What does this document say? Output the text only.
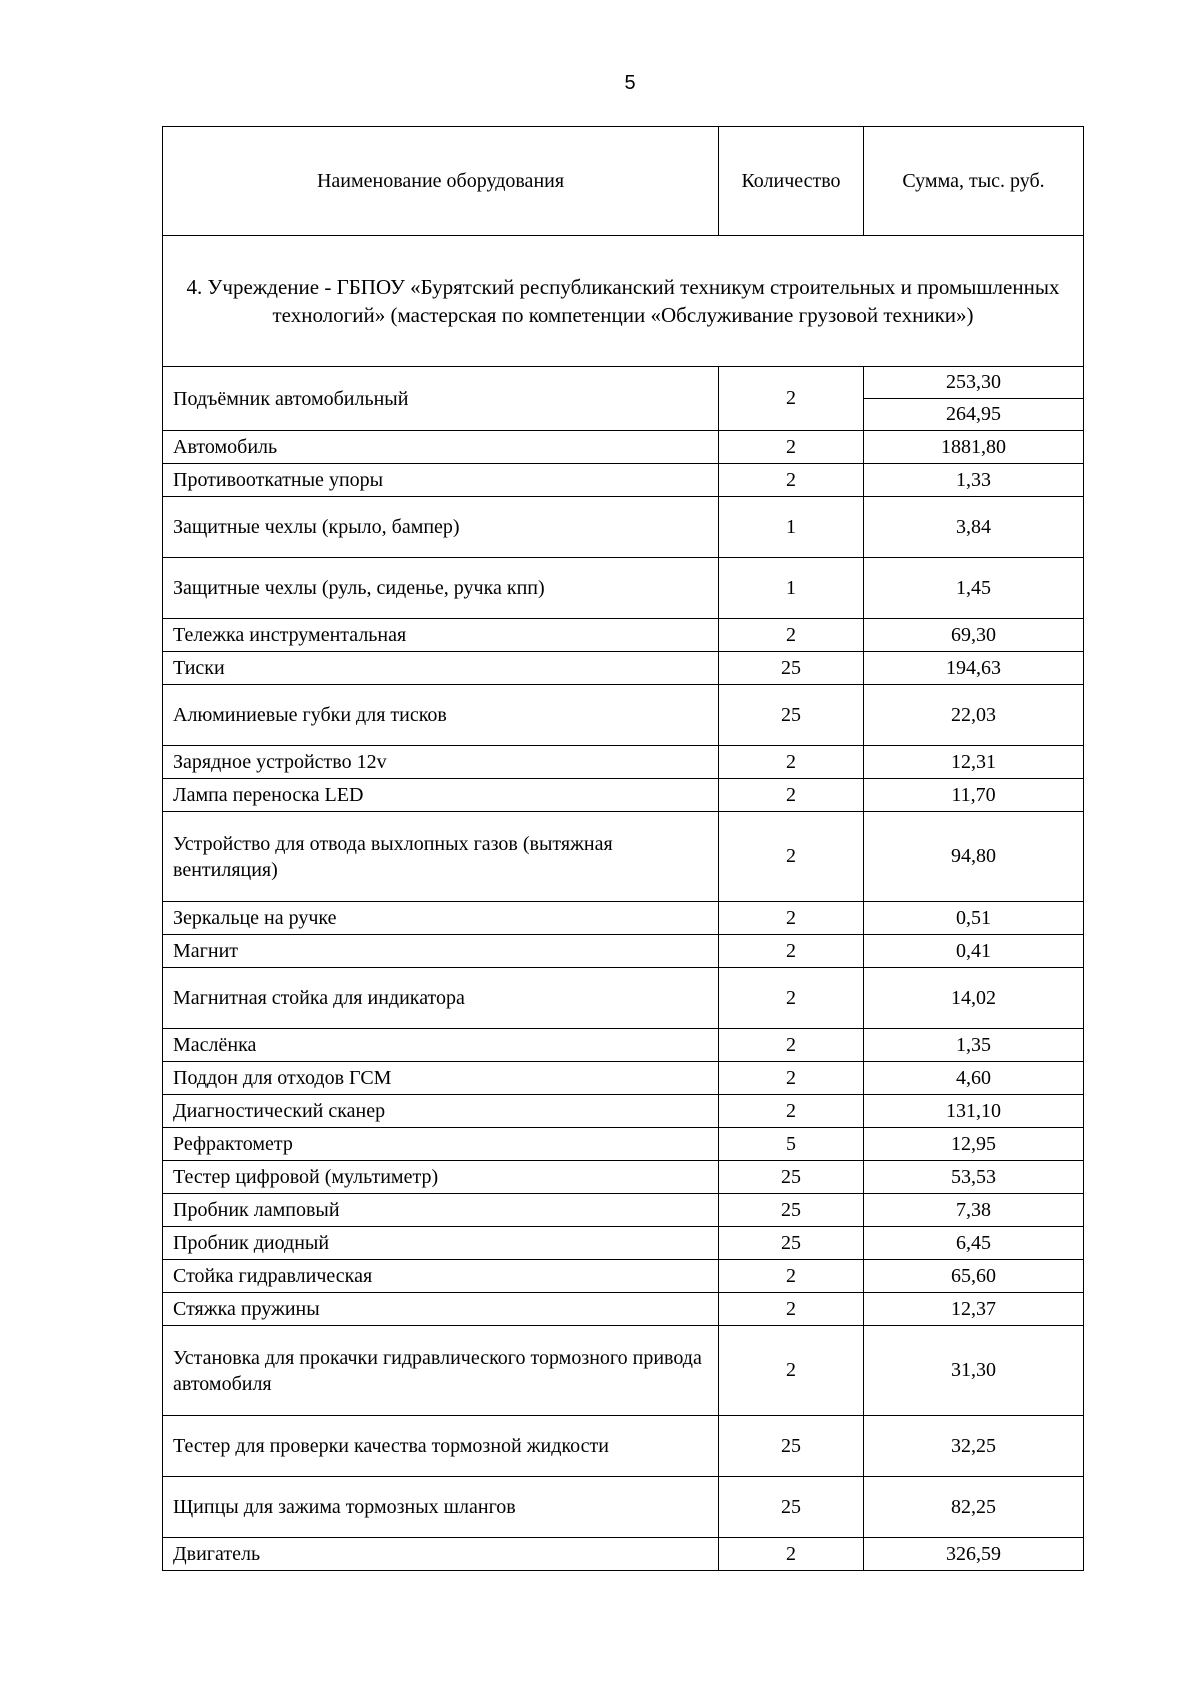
5
Наименование оборудования	Количество	Сумма, тыс. руб.
4. Учреждение - ГБПОУ «Бурятский республиканский техникум строительных и промышленных технологий» (мастерская по компетенции «Обслуживание грузовой техники»)		
Подъёмник автомобильный	2	253,30
		264,95
Автомобиль	2	1881,80
Противооткатные упоры	2	1,33
Защитные чехлы (крыло, бампер)	1	3,84
Защитные чехлы (руль, сиденье, ручка кпп)	1	1,45
Тележка инструментальная	2	69,30
Тиски	25	194,63
Алюминиевые губки для тисков	25	22,03
Зарядное устройство 12v	2	12,31
Лампа переноска LED	2	11,70
Устройство для отвода выхлопных газов (вытяжная вентиляция)	2	94,80
Зеркальце на ручке	2	0,51
Магнит	2	0,41
Магнитная стойка для индикатора	2	14,02
Маслёнка	2	1,35
Поддон для отходов ГСМ	2	4,60
Диагностический сканер	2	131,10
Рефрактометр	5	12,95
Тестер цифровой (мультиметр)	25	53,53
Пробник ламповый	25	7,38
Пробник диодный	25	6,45
Стойка гидравлическая	2	65,60
Стяжка пружины	2	12,37
Установка для прокачки гидравлического тормозного привода автомобиля	2	31,30
Тестер для проверки качества тормозной жидкости	25	32,25
Щипцы для зажима тормозных шлангов	25	82,25
Двигатель	2	326,59
